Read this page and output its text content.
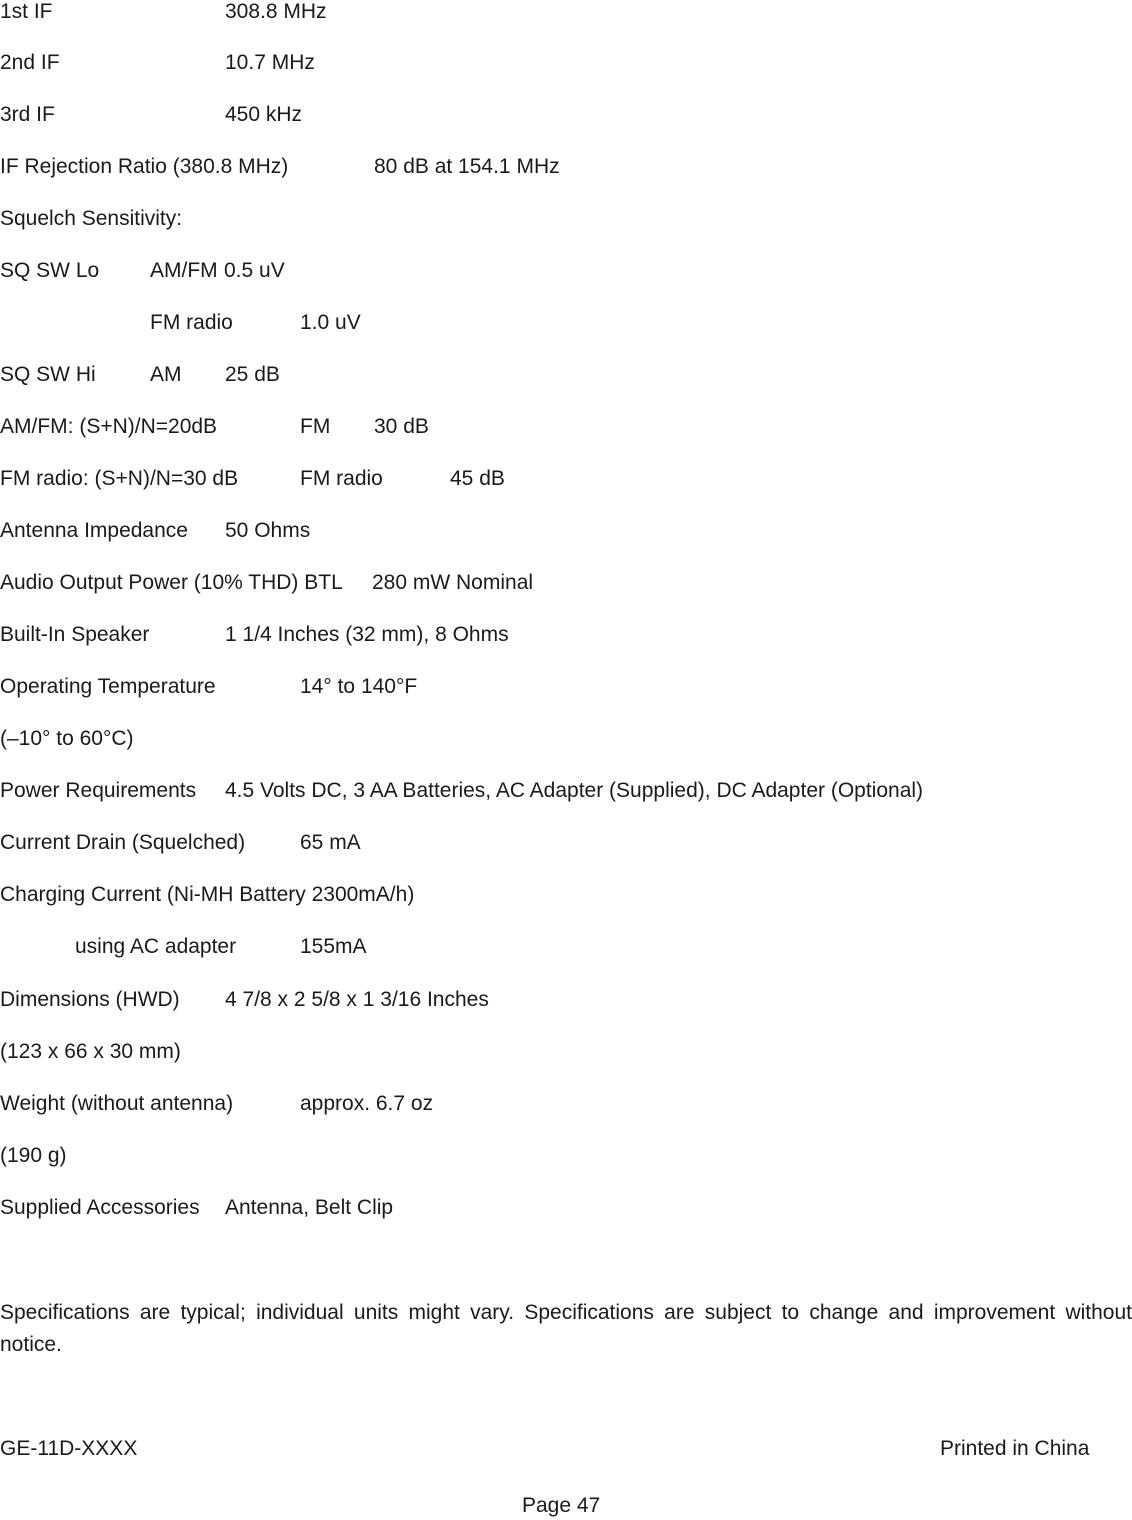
1st IF	308.8 MHz
2nd IF	10.7 MHz
3rd IF	450 kHz
IF Rejection Ratio (380.8 MHz)	80 dB at 154.1 MHz
Squelch Sensitivity:
SQ SW Lo AM/FM 0.5 uV
FM radio	1.0 uV
SQ SW Hi	AM 25 dB
AM/FM: (S+N)/N=20dB	FM 30 dB
FM radio: (S+N)/N=30 dB	FM radio	45 dB
Antenna Impedance 50 Ohms
Audio Output Power (10% THD) BTL 280 mW Nominal
Built-In Speaker	1 1/4 Inches (32 mm), 8 Ohms
Operating Temperature	14° to 140°F
(–10° to 60°C)
Power Requirements 4.5 Volts DC, 3 AA Batteries, AC Adapter (Supplied), DC Adapter (Optional)
Current Drain (Squelched)	65 mA
Charging Current (Ni-MH Battery 2300mA/h)
using AC adapter	155mA
Dimensions (HWD) 4 7/8 x 2 5/8 x 1 3/16 Inches
(123 x 66 x 30 mm)
Weight (without antenna)	approx. 6.7 oz
(190 g)
Supplied Accessories Antenna, Belt Clip
Specifications are typical; individual units might vary. Specifications are subject to change and improvement without notice.
GE-11D-XXXX	Printed in China
Page 47
